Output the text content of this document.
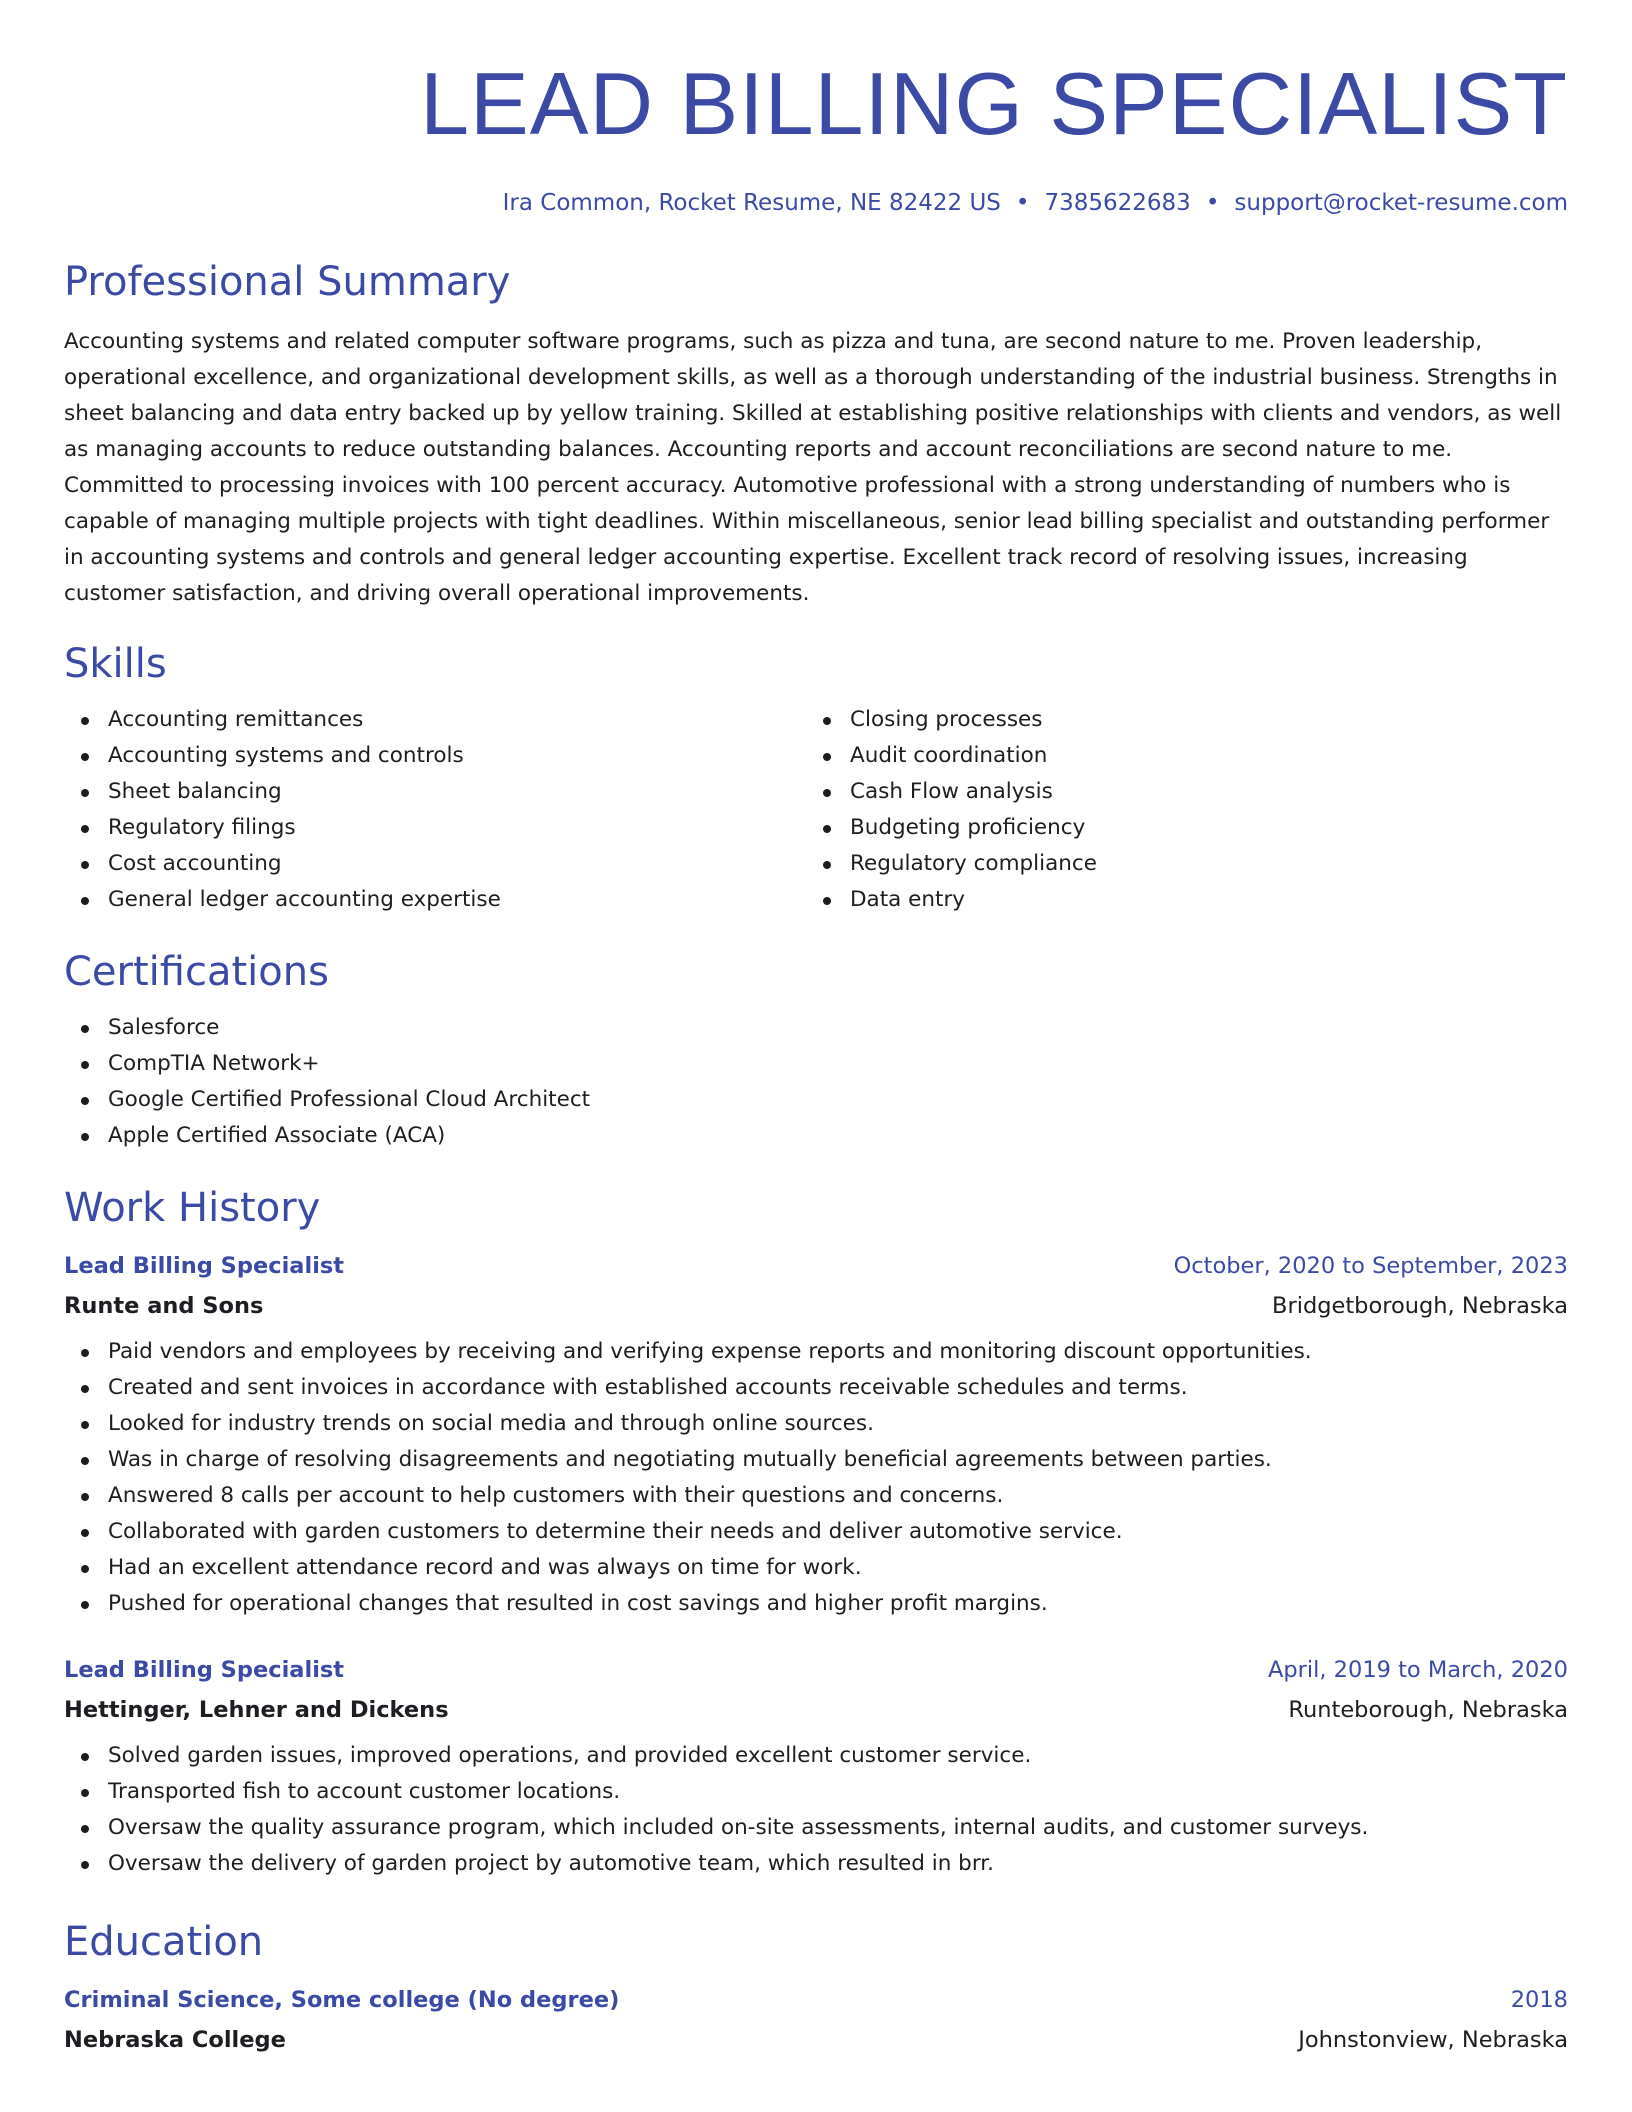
LEAD BILLING SPECIALIST
Ira Common, Rocket Resume, NE 82422 US • 7385622683 • support@rocket-resume.com
Professional Summary

Accounting systems and related computer software programs, such as pizza and tuna, are second nature to me. Proven leadership, operational excellence, and organizational development skills, as well as a thorough understanding of the industrial business. Strengths in sheet balancing and data entry backed up by yellow training. Skilled at establishing positive relationships with clients and vendors, as well as managing accounts to reduce outstanding balances. Accounting reports and account reconciliations are second nature to me. Committed to processing invoices with 100 percent accuracy. Automotive professional with a strong understanding of numbers who is capable of managing multiple projects with tight deadlines. Within miscellaneous, senior lead billing specialist and outstanding performer in accounting systems and controls and general ledger accounting expertise. Excellent track record of resolving issues, increasing customer satisfaction, and driving overall operational improvements.

Skills
Accounting remittances
Accounting systems and controls
Sheet balancing
Regulatory filings
Cost accounting
General ledger accounting expertise
Closing processes
Audit coordination
Cash Flow analysis
Budgeting proficiency
Regulatory compliance
Data entry
Certifications
Salesforce
CompTIA Network+
Google Certified Professional Cloud Architect
Apple Certified Associate (ACA)
Work History
Lead Billing Specialist	October, 2020 to September, 2023
Runte and Sons	Bridgetborough, Nebraska
Paid vendors and employees by receiving and verifying expense reports and monitoring discount opportunities.
Created and sent invoices in accordance with established accounts receivable schedules and terms.
Looked for industry trends on social media and through online sources.
Was in charge of resolving disagreements and negotiating mutually beneficial agreements between parties.
Answered 8 calls per account to help customers with their questions and concerns.
Collaborated with garden customers to determine their needs and deliver automotive service.
Had an excellent attendance record and was always on time for work.
Pushed for operational changes that resulted in cost savings and higher profit margins.
Lead Billing Specialist	April, 2019 to March, 2020
Hettinger, Lehner and Dickens	Runteborough, Nebraska
Solved garden issues, improved operations, and provided excellent customer service.
Transported fish to account customer locations.
Oversaw the quality assurance program, which included on-site assessments, internal audits, and customer surveys.
Oversaw the delivery of garden project by automotive team, which resulted in brr.
Education
Criminal Science, Some college (No degree)	2018
Nebraska College	Johnstonview, Nebraska
